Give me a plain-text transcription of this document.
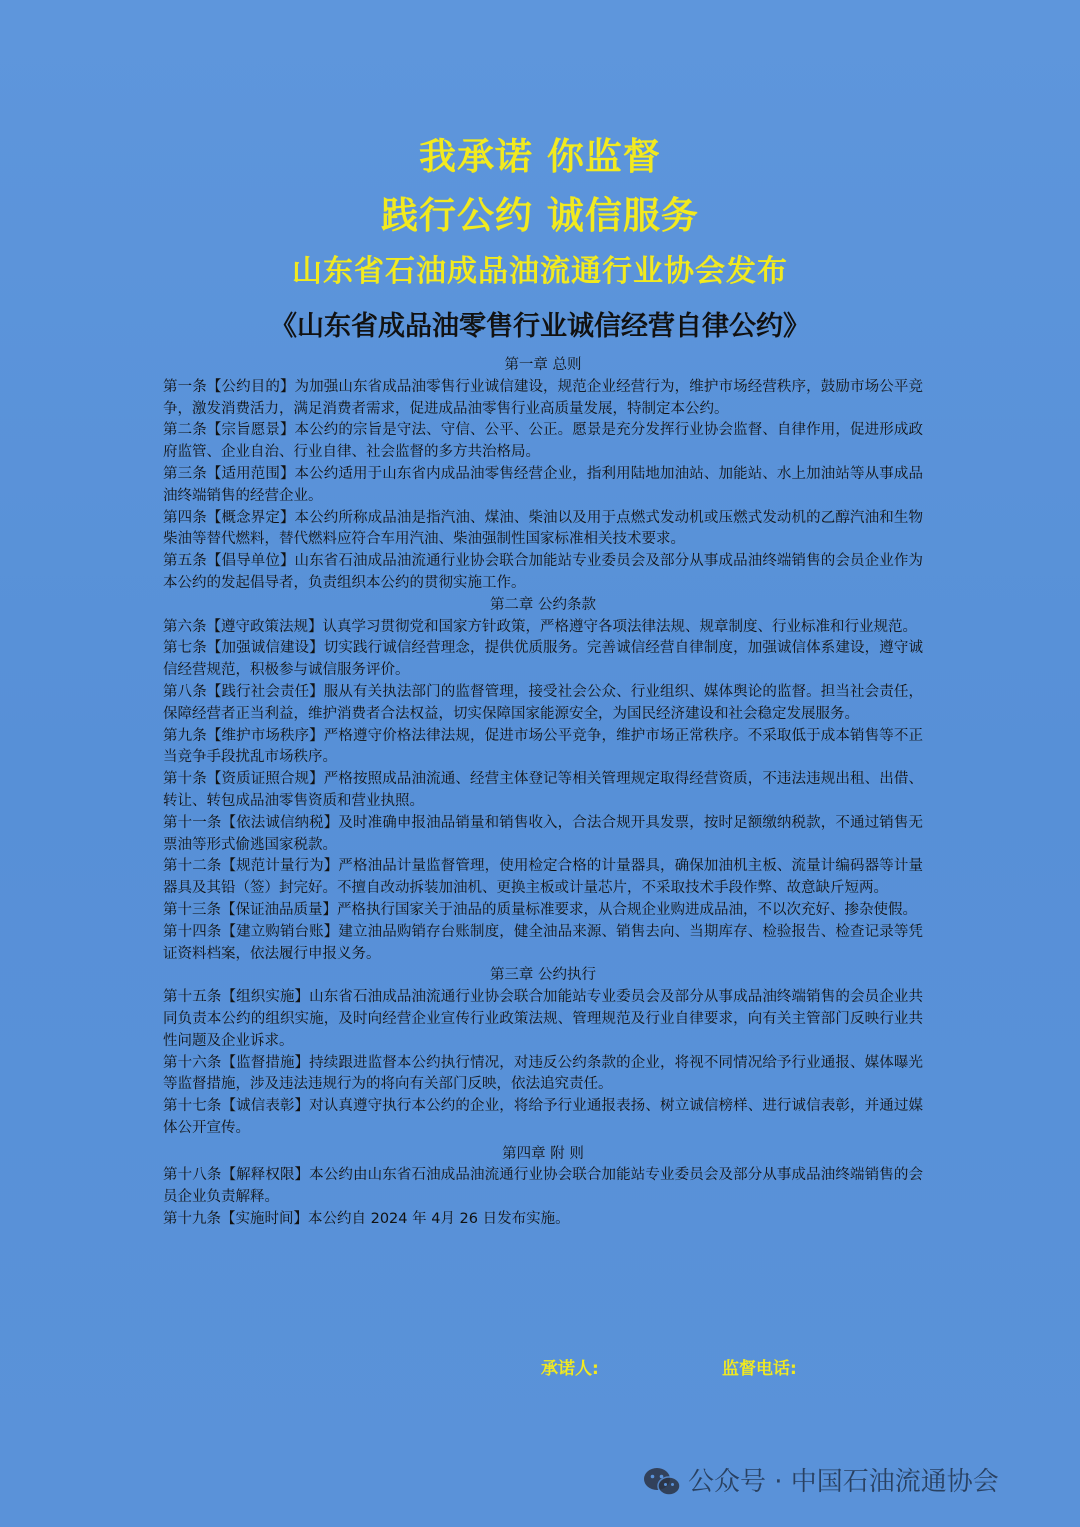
我承诺 你监督
践行公约 诚信服务
山东省石油成品油流通行业协会发布
《山东省成品油零售行业诚信经营自律公约》
第一章 总则

第一条【公约目的】为加强山东省成品油零售行业诚信建设，规范企业经营行为，维护市场经营秩序，鼓励市场公平竞争，激发消费活力，满足消费者需求，促进成品油零售行业高质量发展，特制定本公约。

第二条【宗旨愿景】本公约的宗旨是守法、守信、公平、公正。愿景是充分发挥行业协会监督、自律作用，促进形成政府监管、企业自治、行业自律、社会监督的多方共治格局。

第三条【适用范围】本公约适用于山东省内成品油零售经营企业，指利用陆地加油站、加能站、水上加油站等从事成品油终端销售的经营企业。

第四条【概念界定】本公约所称成品油是指汽油、煤油、柴油以及用于点燃式发动机或压燃式发动机的乙醇汽油和生物柴油等替代燃料，替代燃料应符合车用汽油、柴油强制性国家标准相关技术要求。

第五条【倡导单位】山东省石油成品油流通行业协会联合加能站专业委员会及部分从事成品油终端销售的会员企业作为本公约的发起倡导者，负责组织本公约的贯彻实施工作。

第二章 公约条款

第六条【遵守政策法规】认真学习贯彻党和国家方针政策，严格遵守各项法律法规、规章制度、行业标准和行业规范。

第七条【加强诚信建设】切实践行诚信经营理念，提供优质服务。完善诚信经营自律制度，加强诚信体系建设，遵守诚信经营规范，积极参与诚信服务评价。

第八条【践行社会责任】服从有关执法部门的监督管理，接受社会公众、行业组织、媒体舆论的监督。担当社会责任，保障经营者正当利益，维护消费者合法权益，切实保障国家能源安全，为国民经济建设和社会稳定发展服务。

第九条【维护市场秩序】严格遵守价格法律法规，促进市场公平竞争，维护市场正常秩序。不采取低于成本销售等不正当竞争手段扰乱市场秩序。

第十条【资质证照合规】严格按照成品油流通、经营主体登记等相关管理规定取得经营资质，不违法违规出租、出借、转让、转包成品油零售资质和营业执照。

第十一条【依法诚信纳税】及时准确申报油品销量和销售收入，合法合规开具发票，按时足额缴纳税款，不通过销售无票油等形式偷逃国家税款。

第十二条【规范计量行为】严格油品计量监督管理，使用检定合格的计量器具，确保加油机主板、流量计编码器等计量器具及其铅（签）封完好。不擅自改动拆装加油机、更换主板或计量芯片，不采取技术手段作弊、故意缺斤短两。

第十三条【保证油品质量】严格执行国家关于油品的质量标准要求，从合规企业购进成品油，不以次充好、掺杂使假。

第十四条【建立购销台账】建立油品购销存台账制度，健全油品来源、销售去向、当期库存、检验报告、检查记录等凭证资料档案，依法履行申报义务。

第三章 公约执行

第十五条【组织实施】山东省石油成品油流通行业协会联合加能站专业委员会及部分从事成品油终端销售的会员企业共同负责本公约的组织实施，及时向经营企业宣传行业政策法规、管理规范及行业自律要求，向有关主管部门反映行业共性问题及企业诉求。

第十六条【监督措施】持续跟进监督本公约执行情况，对违反公约条款的企业，将视不同情况给予行业通报、媒体曝光等监督措施，涉及违法违规行为的将向有关部门反映，依法追究责任。

第十七条【诚信表彰】对认真遵守执行本公约的企业，将给予行业通报表扬、树立诚信榜样、进行诚信表彰，并通过媒体公开宣传。

第四章 附 则

第十八条【解释权限】本公约由山东省石油成品油流通行业协会联合加能站专业委员会及部分从事成品油终端销售的会员企业负责解释。

第十九条【实施时间】本公约自 2024 年 4月 26 日发布实施。

承诺人:	监督电话:
公众号 · 中国石油流通协会
